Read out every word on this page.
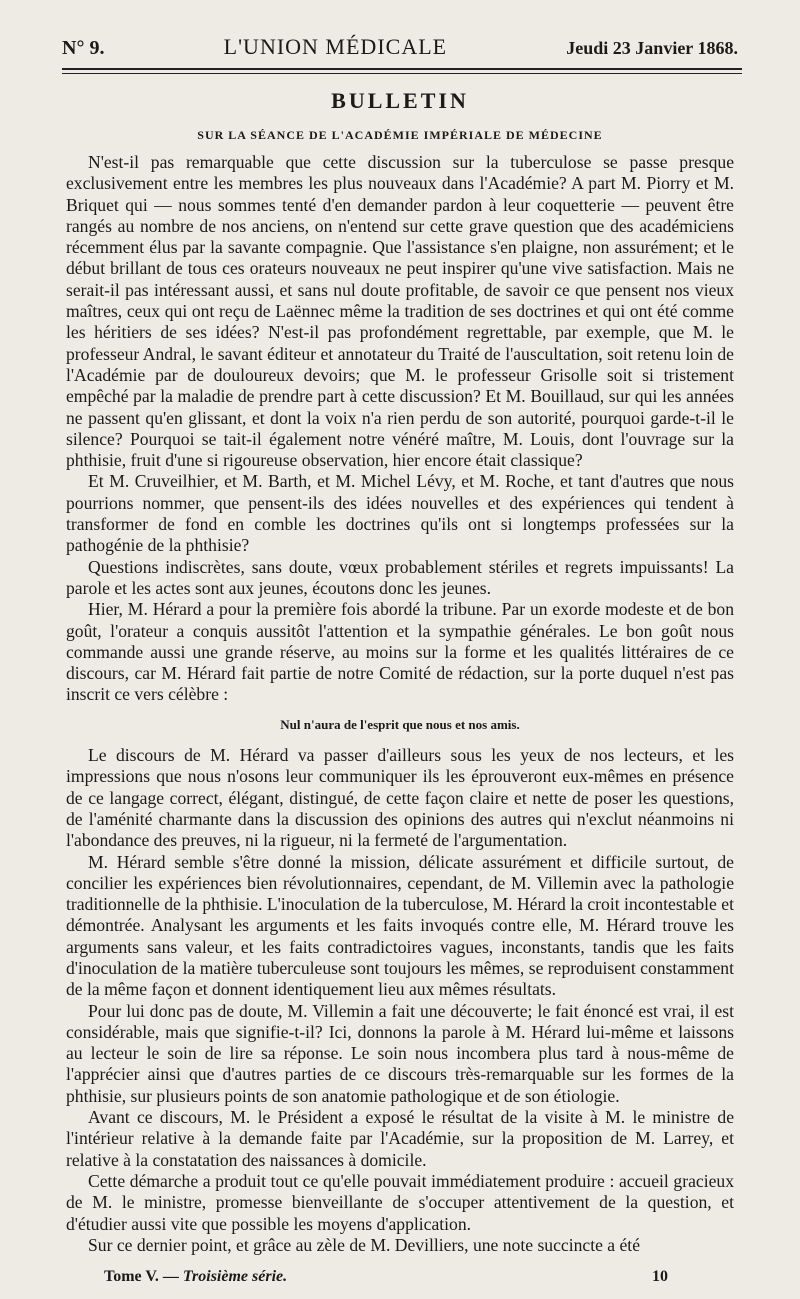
N° 9.	L'UNION MÉDICALE	Jeudi 23 Janvier 1868.
BULLETIN
SUR LA SÉANCE DE L'ACADÉMIE IMPÉRIALE DE MÉDECINE

N'est-il pas remarquable que cette discussion sur la tuberculose se passe presque exclusivement entre les membres les plus nouveaux dans l'Académie? A part M. Piorry et M. Briquet qui — nous sommes tenté d'en demander pardon à leur coquetterie — peuvent être rangés au nombre de nos anciens, on n'entend sur cette grave question que des académiciens récemment élus par la savante compagnie. Que l'assistance s'en plaigne, non assurément; et le début brillant de tous ces orateurs nouveaux ne peut inspirer qu'une vive satisfaction. Mais ne serait-il pas intéressant aussi, et sans nul doute profitable, de savoir ce que pensent nos vieux maîtres, ceux qui ont reçu de Laënnec même la tradition de ses doctrines et qui ont été comme les héritiers de ses idées? N'est-il pas profondément regrettable, par exemple, que M. le professeur Andral, le savant éditeur et annotateur du Traité de l'auscultation, soit retenu loin de l'Académie par de douloureux devoirs; que M. le professeur Grisolle soit si tristement empêché par la maladie de prendre part à cette discussion? Et M. Bouillaud, sur qui les années ne passent qu'en glissant, et dont la voix n'a rien perdu de son autorité, pourquoi garde-t-il le silence? Pourquoi se tait-il également notre vénéré maître, M. Louis, dont l'ouvrage sur la phthisie, fruit d'une si rigoureuse observation, hier encore était classique?

Et M. Cruveilhier, et M. Barth, et M. Michel Lévy, et M. Roche, et tant d'autres que nous pourrions nommer, que pensent-ils des idées nouvelles et des expériences qui tendent à transformer de fond en comble les doctrines qu'ils ont si longtemps professées sur la pathogénie de la phthisie?

Questions indiscrètes, sans doute, vœux probablement stériles et regrets impuissants! La parole et les actes sont aux jeunes, écoutons donc les jeunes.

Hier, M. Hérard a pour la première fois abordé la tribune. Par un exorde modeste et de bon goût, l'orateur a conquis aussitôt l'attention et la sympathie générales. Le bon goût nous commande aussi une grande réserve, au moins sur la forme et les qualités littéraires de ce discours, car M. Hérard fait partie de notre Comité de rédaction, sur la porte duquel n'est pas inscrit ce vers célèbre :

Nul n'aura de l'esprit que nous et nos amis.

Le discours de M. Hérard va passer d'ailleurs sous les yeux de nos lecteurs, et les impressions que nous n'osons leur communiquer ils les éprouveront eux-mêmes en présence de ce langage correct, élégant, distingué, de cette façon claire et nette de poser les questions, de l'aménité charmante dans la discussion des opinions des autres qui n'exclut néanmoins ni l'abondance des preuves, ni la rigueur, ni la fermeté de l'argumentation.

M. Hérard semble s'être donné la mission, délicate assurément et difficile surtout, de concilier les expériences bien révolutionnaires, cependant, de M. Villemin avec la pathologie traditionnelle de la phthisie. L'inoculation de la tuberculose, M. Hérard la croit incontestable et démontrée. Analysant les arguments et les faits invoqués contre elle, M. Hérard trouve les arguments sans valeur, et les faits contradictoires vagues, inconstants, tandis que les faits d'inoculation de la matière tuberculeuse sont toujours les mêmes, se reproduisent constamment de la même façon et donnent identiquement lieu aux mêmes résultats.

Pour lui donc pas de doute, M. Villemin a fait une découverte; le fait énoncé est vrai, il est considérable, mais que signifie-t-il? Ici, donnons la parole à M. Hérard lui-même et laissons au lecteur le soin de lire sa réponse. Le soin nous incombera plus tard à nous-même de l'apprécier ainsi que d'autres parties de ce discours très-remarquable sur les formes de la phthisie, sur plusieurs points de son anatomie pathologique et de son étiologie.

Avant ce discours, M. le Président a exposé le résultat de la visite à M. le ministre de l'intérieur relative à la demande faite par l'Académie, sur la proposition de M. Larrey, et relative à la constatation des naissances à domicile.

Cette démarche a produit tout ce qu'elle pouvait immédiatement produire : accueil gracieux de M. le ministre, promesse bienveillante de s'occuper attentivement de la question, et d'étudier aussi vite que possible les moyens d'application.

Sur ce dernier point, et grâce au zèle de M. Devilliers, une note succincte a été

Tome V. — Troisième série.	10
